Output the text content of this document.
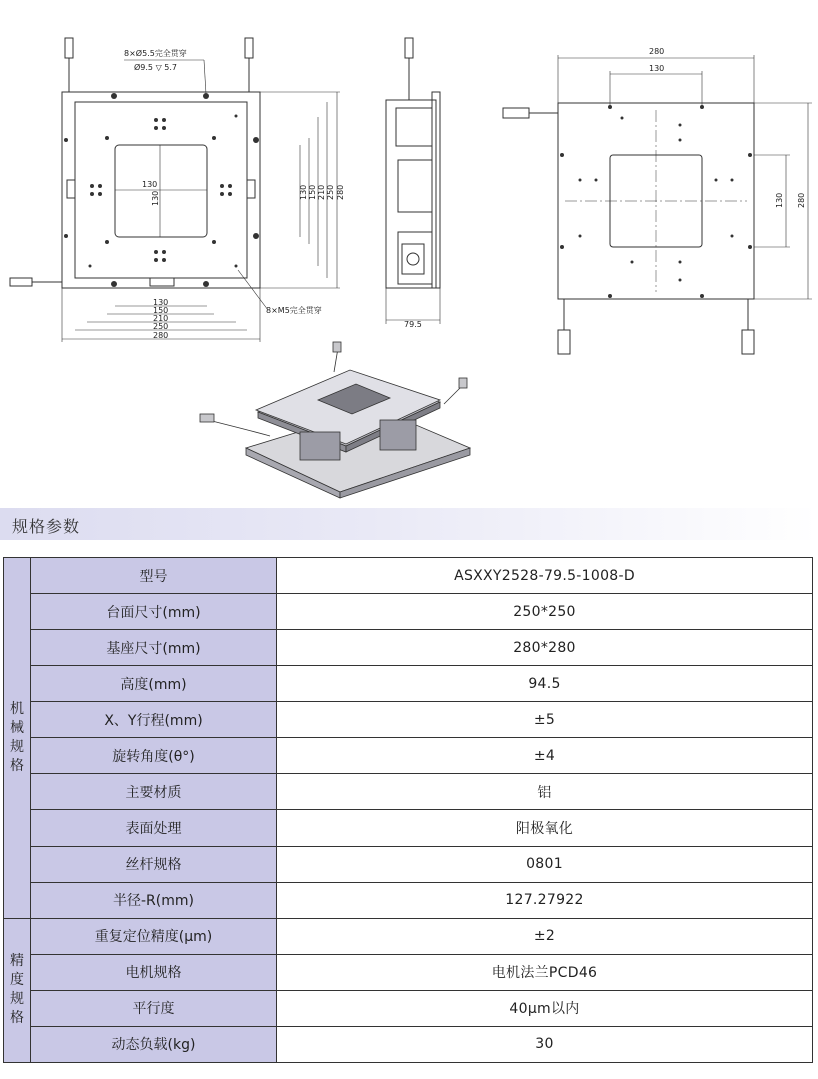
8×Ø5.5完全贯穿
Ø9.5 ▽ 5.7
8×M5完全贯穿
130
130	130 150 210 250 280
130
150
210
250
280
79.5
280
130
130 280
规格参数
机
械
规
格	型号	ASXXY2528-79.5-1008-D
	台面尺寸(mm)	250*250
	基座尺寸(mm)	280*280
	高度(mm)	94.5
	X、Y行程(mm)	±5
	旋转角度(θ°)	±4
	主要材质	铝
	表面处理	阳极氧化
	丝杆规格	0801
	半径-R(mm)	127.27922

精
度
规
格	重复定位精度(μm)	±2
	电机规格	电机法兰PCD46
	平行度	40μm以内
	动态负载(kg)	30
